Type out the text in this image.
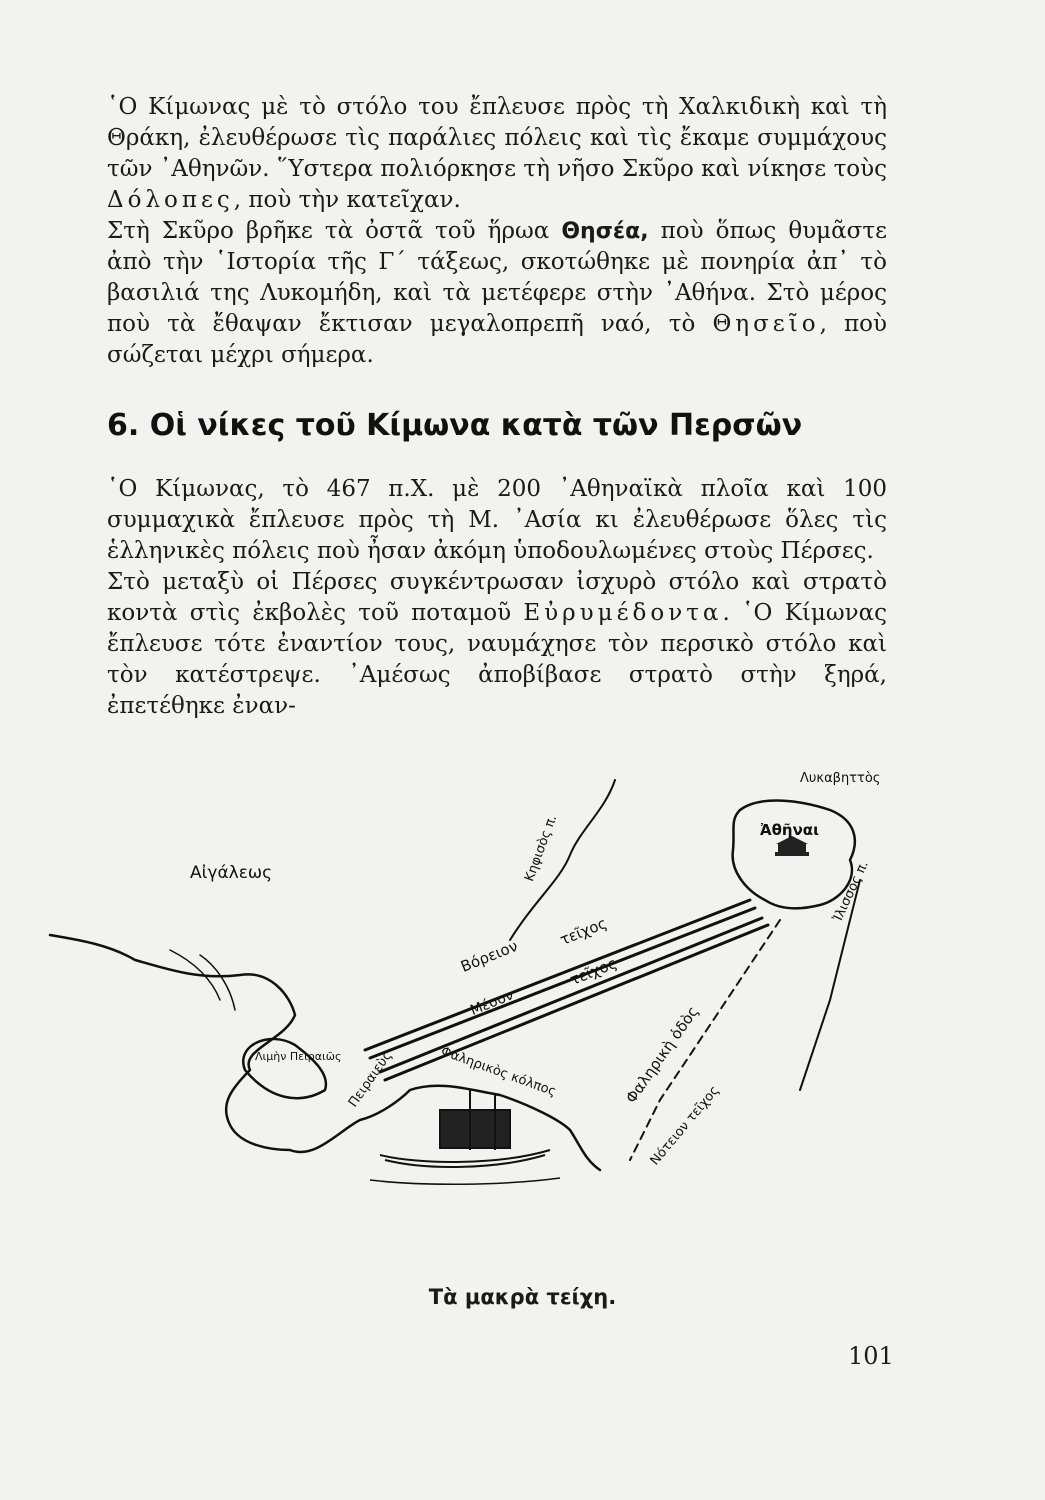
῾Ο Κίμωνας μὲ τὸ στόλο του ἔπλευσε πρὸς τὴ Χαλκιδικὴ καὶ τὴ Θράκη, ἐλευθέρωσε τὶς παράλιες πόλεις καὶ τὶς ἔκαμε συμμάχους τῶν ᾿Αθηνῶν. ῞Υστερα πολιόρκησε τὴ νῆσο Σκῦρο καὶ νίκησε τοὺς Δόλοπες, ποὺ τὴν κατεῖχαν.

Στὴ Σκῦρο βρῆκε τὰ ὀστᾶ τοῦ ἥρωα Θησέα, ποὺ ὅπως θυμᾶστε ἀπὸ τὴν ῾Ιστορία τῆς Γ΄ τάξεως, σκοτώθηκε μὲ πονηρία ἀπ᾿ τὸ βασιλιά της Λυκομήδη, καὶ τὰ μετέφερε στὴν ᾿Αθήνα. Στὸ μέρος ποὺ τὰ ἔθαψαν ἔκτισαν μεγαλοπρεπῆ ναό, τὸ Θησεῖο, ποὺ σώζεται μέχρι σήμερα.

6. Οἱ νίκες τοῦ Κίμωνα κατὰ τῶν Περσῶν

῾Ο Κίμωνας, τὸ 467 π.Χ. μὲ 200 ᾿Αθηναϊκὰ πλοῖα καὶ 100 συμμαχικὰ ἔπλευσε πρὸς τὴ Μ. ᾿Ασία κι ἐλευθέρωσε ὅλες τὶς ἑλληνικὲς πόλεις ποὺ ἦσαν ἀκόμη ὑποδουλωμένες στοὺς Πέρσες.

Στὸ μεταξὺ οἱ Πέρσες συγκέντρωσαν ἰσχυρὸ στόλο καὶ στρατὸ κοντὰ στὶς ἐκβολὲς τοῦ ποταμοῦ Εὐρυμέδοντα. ῾Ο Κίμωνας ἔπλευσε τότε ἐναντίον τους, ναυμάχησε τὸν περσικὸ στόλο καὶ τὸν κατέστρεψε. ᾿Αμέσως ἀποβίβασε στρατὸ στὴν ξηρά, ἐπετέθηκε ἐναν-

Λυκαβηττὸς
Ἀθῆναι
Αἰγάλεως	Κηφισὸς π.
Ἰλισσὸς π.
Βόρειον
τεῖχος
Μέσον
τεῖχος
Φαληρικὴ ὁδὸς
Λιμὴν Πειραιῶς Πειραιεὺς	Φαληρικὸς κόλπος
Νότειον τεῖχος
Τὰ μακρὰ τείχη.
101
